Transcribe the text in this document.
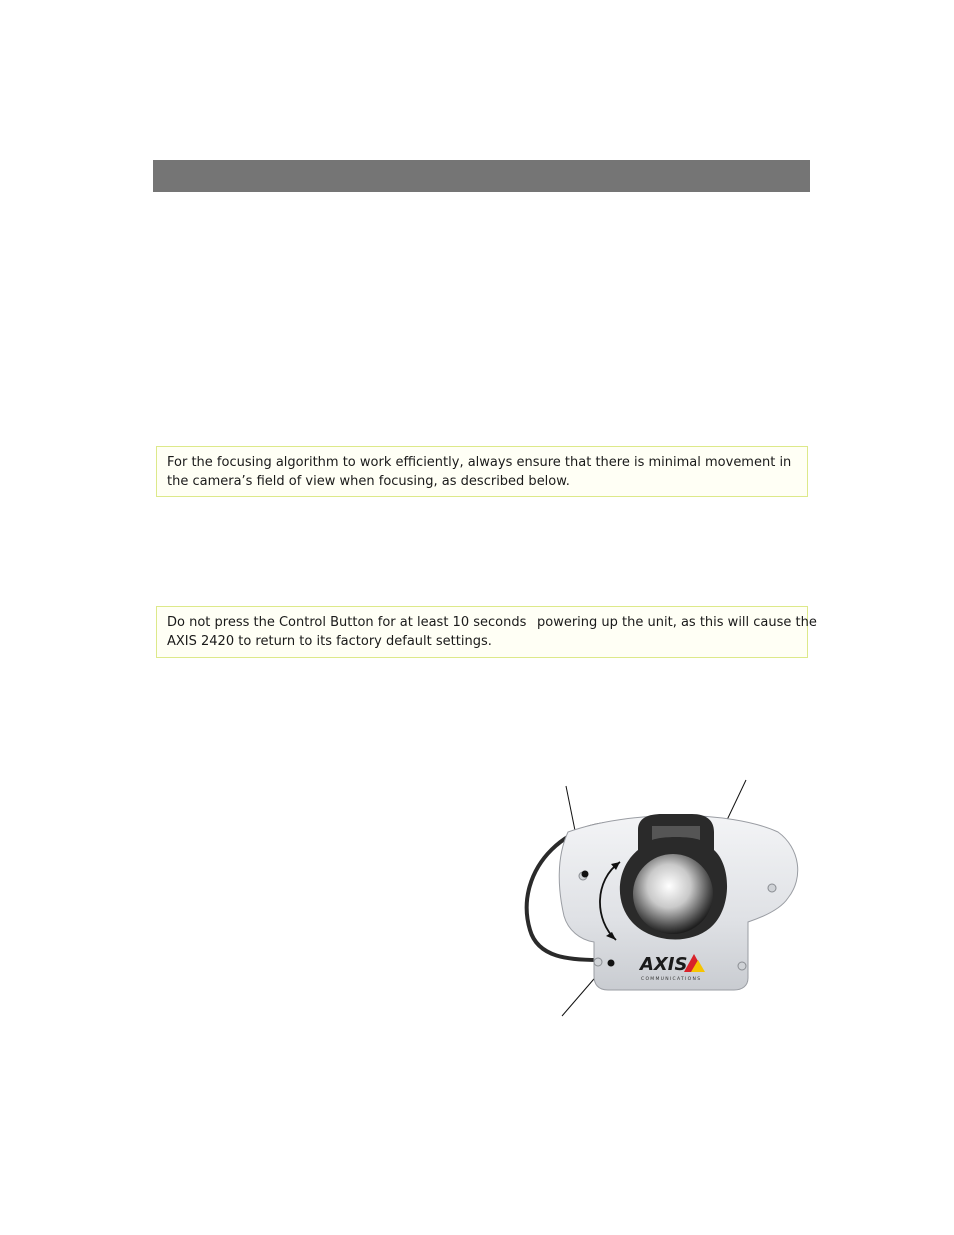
For the focusing algorithm to work efficiently, always ensure that there is minimal movement in the camera’s field of view when focusing, as described below.
Do not press the Control Button for at least 10 seconds powering up the unit, as this will cause the
AXIS 2420 to return to its factory default settings.
AXIS
COMMUNICATIONS
